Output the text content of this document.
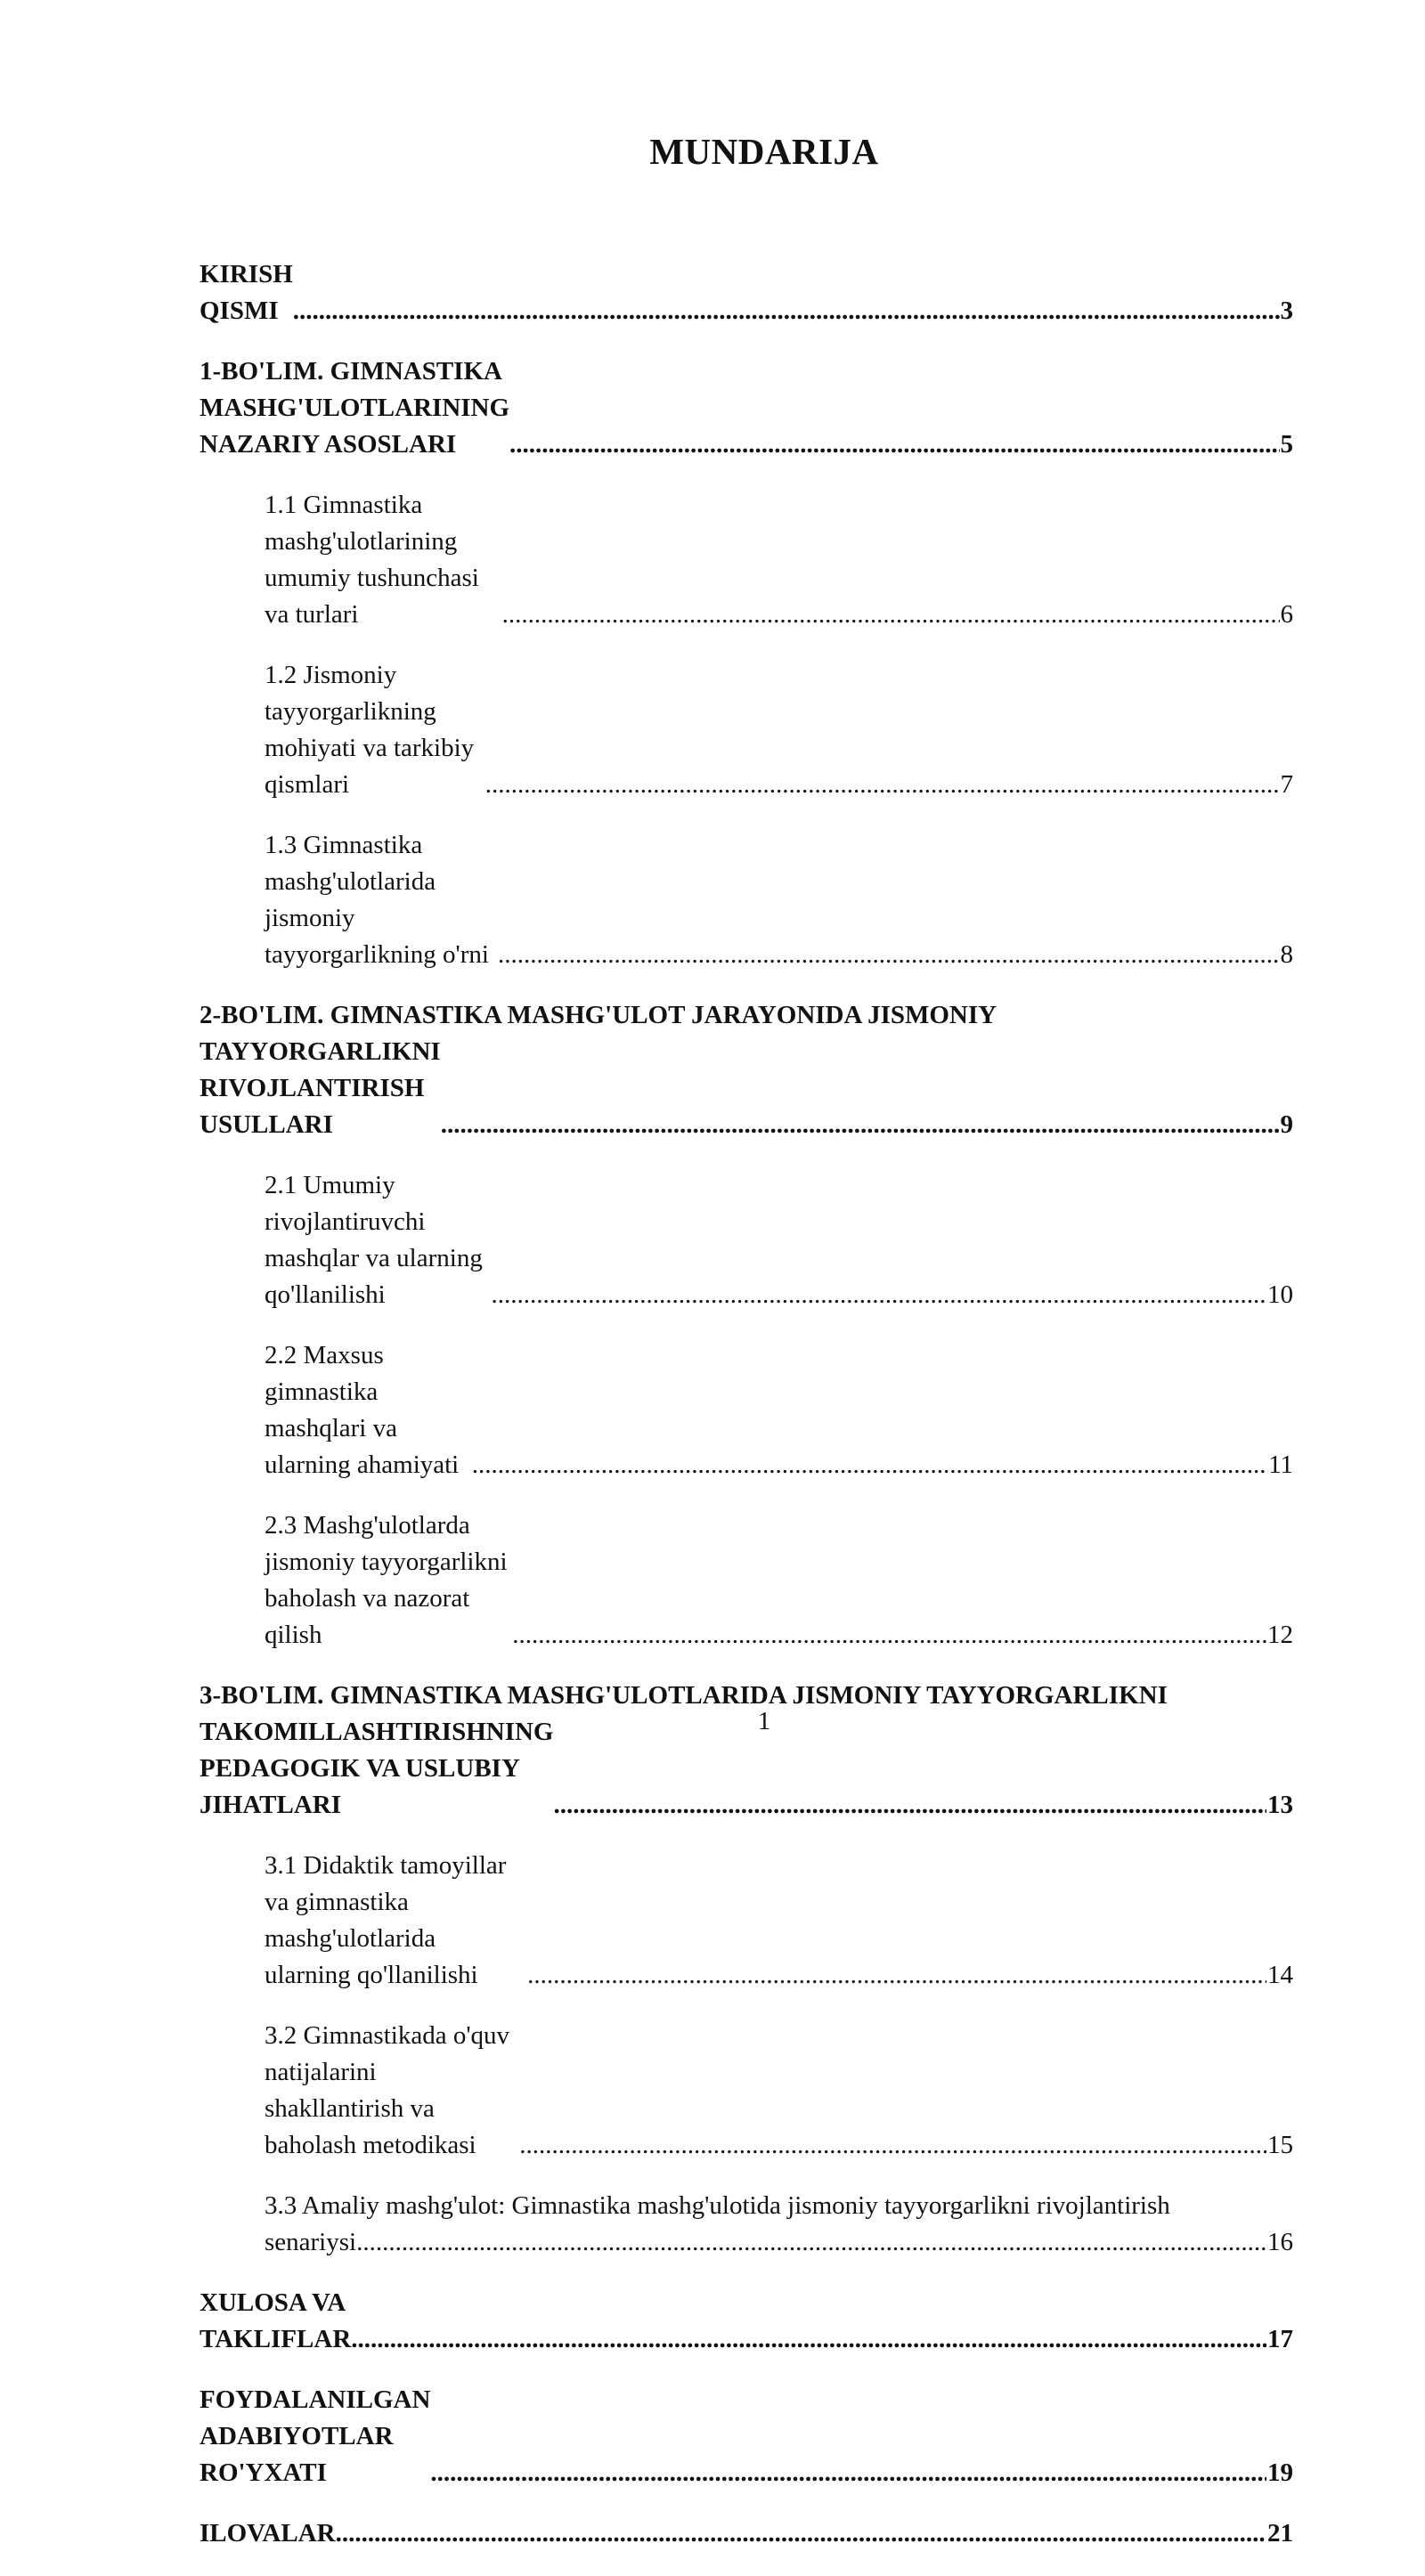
MUNDARIJA
KIRISH QISMI .....	3
1-BO'LIM. GIMNASTIKA MASHG'ULOTLARINING NAZARIY ASOSLARI .....	5
1.1 Gimnastika mashg'ulotlarining umumiy tushunchasi va turlari .....	6
1.2 Jismoniy tayyorgarlikning mohiyati va tarkibiy qismlari .....	7
1.3 Gimnastika mashg'ulotlarida jismoniy tayyorgarlikning o'rni .....	8
2-BO'LIM. GIMNASTIKA MASHG'ULOT JARAYONIDA JISMONIY
TAYYORGARLIKNI RIVOJLANTIRISH USULLARI .....	9
2.1 Umumiy rivojlantiruvchi mashqlar va ularning qo'llanilishi .....	10
2.2 Maxsus gimnastika mashqlari va ularning ahamiyati .....	11
2.3 Mashg'ulotlarda jismoniy tayyorgarlikni baholash va nazorat qilish .....	12
3-BO'LIM. GIMNASTIKA MASHG'ULOTLARIDA JISMONIY TAYYORGARLIKNI
TAKOMILLASHTIRISHNING PEDAGOGIK VA USLUBIY JIHATLARI .....	13
3.1 Didaktik tamoyillar va gimnastika mashg'ulotlarida ularning qo'llanilishi .....	14
3.2 Gimnastikada o'quv natijalarini shakllantirish va baholash metodikasi .....	15
3.3 Amaliy mashg'ulot: Gimnastika mashg'ulotida jismoniy tayyorgarlikni rivojlantirish
senariysi .....	16
XULOSA VA TAKLIFLAR .....	17
FOYDALANILGAN ADABIYOTLAR RO'YXATI .....	19
ILOVALAR .....	21
1
